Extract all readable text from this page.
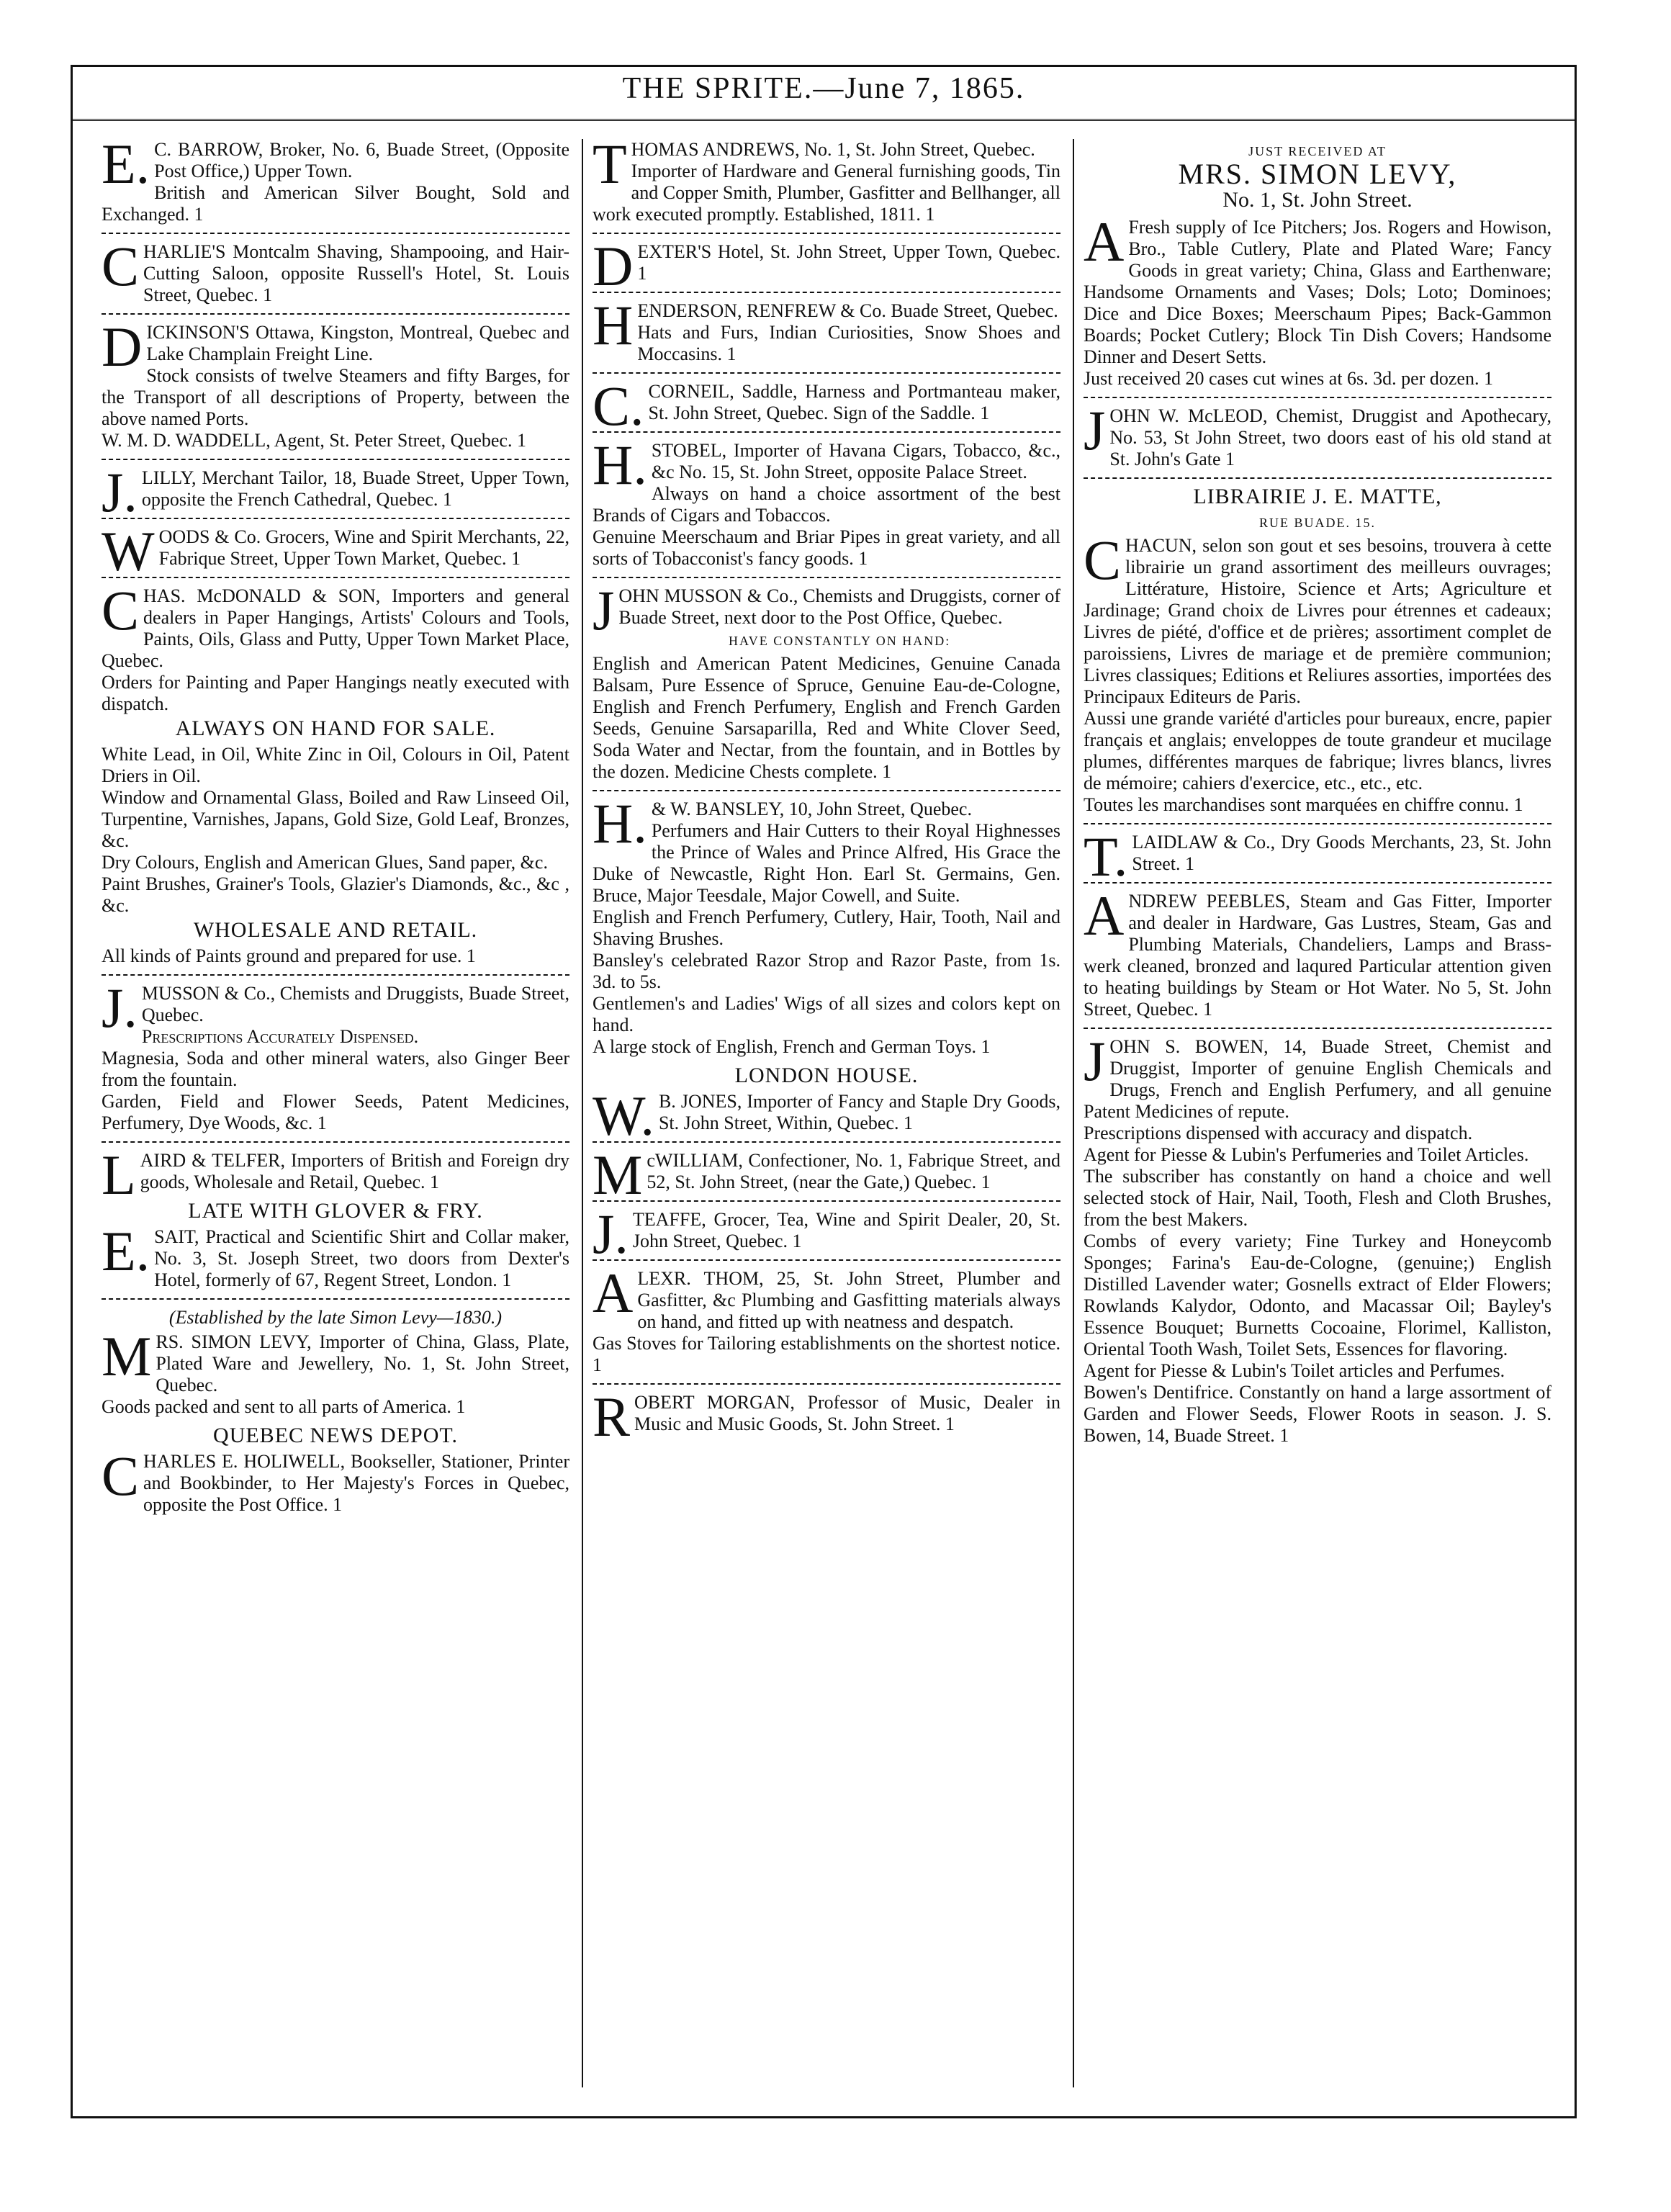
THE SPRITE.—June 7, 1865.

E.C. BARROW, Broker, No. 6, Buade Street, (Opposite Post Office,) Upper Town.

British and American Silver Bought, Sold and Exchanged. 1

CHARLIE'S Montcalm Shaving, Shampooing, and Hair-Cutting Saloon, opposite Russell's Hotel, St. Louis Street, Quebec. 1

DICKINSON'S Ottawa, Kingston, Montreal, Quebec and Lake Champlain Freight Line.

Stock consists of twelve Steamers and fifty Barges, for the Transport of all descriptions of Property, between the above named Ports.

W. M. D. WADDELL, Agent, St. Peter Street, Quebec. 1

J.LILLY, Merchant Tailor, 18, Buade Street, Upper Town, opposite the French Cathedral, Quebec. 1

WOODS & Co. Grocers, Wine and Spirit Merchants, 22, Fabrique Street, Upper Town Market, Quebec. 1

CHAS. McDONALD & SON, Importers and general dealers in Paper Hangings, Artists' Colours and Tools, Paints, Oils, Glass and Putty, Upper Town Market Place, Quebec.

Orders for Painting and Paper Hangings neatly executed with dispatch.

ALWAYS ON HAND FOR SALE.

White Lead, in Oil, White Zinc in Oil, Colours in Oil, Patent Driers in Oil.

Window and Ornamental Glass, Boiled and Raw Linseed Oil, Turpentine, Varnishes, Japans, Gold Size, Gold Leaf, Bronzes, &c.

Dry Colours, English and American Glues, Sand paper, &c.

Paint Brushes, Grainer's Tools, Glazier's Diamonds, &c., &c , &c.

WHOLESALE AND RETAIL.

All kinds of Paints ground and prepared for use. 1

J.MUSSON & Co., Chemists and Druggists, Buade Street, Quebec.

Prescriptions Accurately Dispensed.

Magnesia, Soda and other mineral waters, also Ginger Beer from the fountain.

Garden, Field and Flower Seeds, Patent Medicines, Perfumery, Dye Woods, &c. 1

LAIRD & TELFER, Importers of British and Foreign dry goods, Wholesale and Retail, Quebec. 1

LATE WITH GLOVER & FRY.

E.SAIT, Practical and Scientific Shirt and Collar maker, No. 3, St. Joseph Street, two doors from Dexter's Hotel, formerly of 67, Regent Street, London. 1

(Established by the late Simon Levy—1830.)

MRS. SIMON LEVY, Importer of China, Glass, Plate, Plated Ware and Jewellery, No. 1, St. John Street, Quebec.

Goods packed and sent to all parts of America. 1

QUEBEC NEWS DEPOT.

CHARLES E. HOLIWELL, Bookseller, Stationer, Printer and Bookbinder, to Her Majesty's Forces in Quebec, opposite the Post Office. 1

THOMAS ANDREWS, No. 1, St. John Street, Quebec.

Importer of Hardware and General furnishing goods, Tin and Copper Smith, Plumber, Gasfitter and Bellhanger, all work executed promptly. Established, 1811. 1

DEXTER'S Hotel, St. John Street, Upper Town, Quebec. 1

HENDERSON, RENFREW & Co. Buade Street, Quebec.

Hats and Furs, Indian Curiosities, Snow Shoes and Moccasins. 1

C.CORNEIL, Saddle, Harness and Portmanteau maker, St. John Street, Quebec. Sign of the Saddle. 1

H.STOBEL, Importer of Havana Cigars, Tobacco, &c., &c No. 15, St. John Street, opposite Palace Street.

Always on hand a choice assortment of the best Brands of Cigars and Tobaccos.

Genuine Meerschaum and Briar Pipes in great variety, and all sorts of Tobacconist's fancy goods. 1

JOHN MUSSON & Co., Chemists and Druggists, corner of Buade Street, next door to the Post Office, Quebec.

HAVE CONSTANTLY ON HAND:

English and American Patent Medicines, Genuine Canada Balsam, Pure Essence of Spruce, Genuine Eau-de-Cologne, English and French Perfumery, English and French Garden Seeds, Genuine Sarsaparilla, Red and White Clover Seed, Soda Water and Nectar, from the fountain, and in Bottles by the dozen. Medicine Chests complete. 1

H.& W. BANSLEY, 10, John Street, Quebec.

Perfumers and Hair Cutters to their Royal Highnesses the Prince of Wales and Prince Alfred, His Grace the Duke of Newcastle, Right Hon. Earl St. Germains, Gen. Bruce, Major Teesdale, Major Cowell, and Suite.

English and French Perfumery, Cutlery, Hair, Tooth, Nail and Shaving Brushes.

Bansley's celebrated Razor Strop and Razor Paste, from 1s. 3d. to 5s.

Gentlemen's and Ladies' Wigs of all sizes and colors kept on hand.

A large stock of English, French and German Toys. 1

LONDON HOUSE.

W.B. JONES, Importer of Fancy and Staple Dry Goods, St. John Street, Within, Quebec. 1

McWILLIAM, Confectioner, No. 1, Fabrique Street, and 52, St. John Street, (near the Gate,) Quebec. 1

J.TEAFFE, Grocer, Tea, Wine and Spirit Dealer, 20, St. John Street, Quebec. 1

ALEXR. THOM, 25, St. John Street, Plumber and Gasfitter, &c Plumbing and Gasfitting materials always on hand, and fitted up with neatness and despatch.

Gas Stoves for Tailoring establishments on the shortest notice. 1

ROBERT MORGAN, Professor of Music, Dealer in Music and Music Goods, St. John Street. 1

JUST RECEIVED AT
MRS. SIMON LEVY,
No. 1, St. John Street.

AFresh supply of Ice Pitchers; Jos. Rogers and Howison, Bro., Table Cutlery, Plate and Plated Ware; Fancy Goods in great variety; China, Glass and Earthenware; Handsome Ornaments and Vases; Dols; Loto; Dominoes; Dice and Dice Boxes; Meerschaum Pipes; Back-Gammon Boards; Pocket Cutlery; Block Tin Dish Covers; Handsome Dinner and Desert Setts.

Just received 20 cases cut wines at 6s. 3d. per dozen. 1

JOHN W. McLEOD, Chemist, Druggist and Apothecary, No. 53, St John Street, two doors east of his old stand at St. John's Gate 1

LIBRAIRIE J. E. MATTE,
RUE BUADE. 15.

CHACUN, selon son gout et ses besoins, trouvera à cette librairie un grand assortiment des meilleurs ouvrages; Littérature, Histoire, Science et Arts; Agriculture et Jardinage; Grand choix de Livres pour étrennes et cadeaux; Livres de piété, d'office et de prières; assortiment complet de paroissiens, Livres de mariage et de première communion; Livres classiques; Editions et Reliures assorties, importées des Principaux Editeurs de Paris.

Aussi une grande variété d'articles pour bureaux, encre, papier français et anglais; enveloppes de toute grandeur et mucilage plumes, différentes marques de fabrique; livres blancs, livres de mémoire; cahiers d'exercice, etc., etc., etc.

Toutes les marchandises sont marquées en chiffre connu. 1

T.LAIDLAW & Co., Dry Goods Merchants, 23, St. John Street. 1

ANDREW PEEBLES, Steam and Gas Fitter, Importer and dealer in Hardware, Gas Lustres, Steam, Gas and Plumbing Materials, Chandeliers, Lamps and Brass-werk cleaned, bronzed and laqured Particular attention given to heating buildings by Steam or Hot Water. No 5, St. John Street, Quebec. 1

JOHN S. BOWEN, 14, Buade Street, Chemist and Druggist, Importer of genuine English Chemicals and Drugs, French and English Perfumery, and all genuine Patent Medicines of repute.

Prescriptions dispensed with accuracy and dispatch.

Agent for Piesse & Lubin's Perfumeries and Toilet Articles.

The subscriber has constantly on hand a choice and well selected stock of Hair, Nail, Tooth, Flesh and Cloth Brushes, from the best Makers.

Combs of every variety; Fine Turkey and Honeycomb Sponges; Farina's Eau-de-Cologne, (genuine;) English Distilled Lavender water; Gosnells extract of Elder Flowers; Rowlands Kalydor, Odonto, and Macassar Oil; Bayley's Essence Bouquet; Burnetts Cocoaine, Florimel, Kalliston, Oriental Tooth Wash, Toilet Sets, Essences for flavoring.

Agent for Piesse & Lubin's Toilet articles and Perfumes.

Bowen's Dentifrice. Constantly on hand a large assortment of Garden and Flower Seeds, Flower Roots in season. J. S. Bowen, 14, Buade Street. 1
